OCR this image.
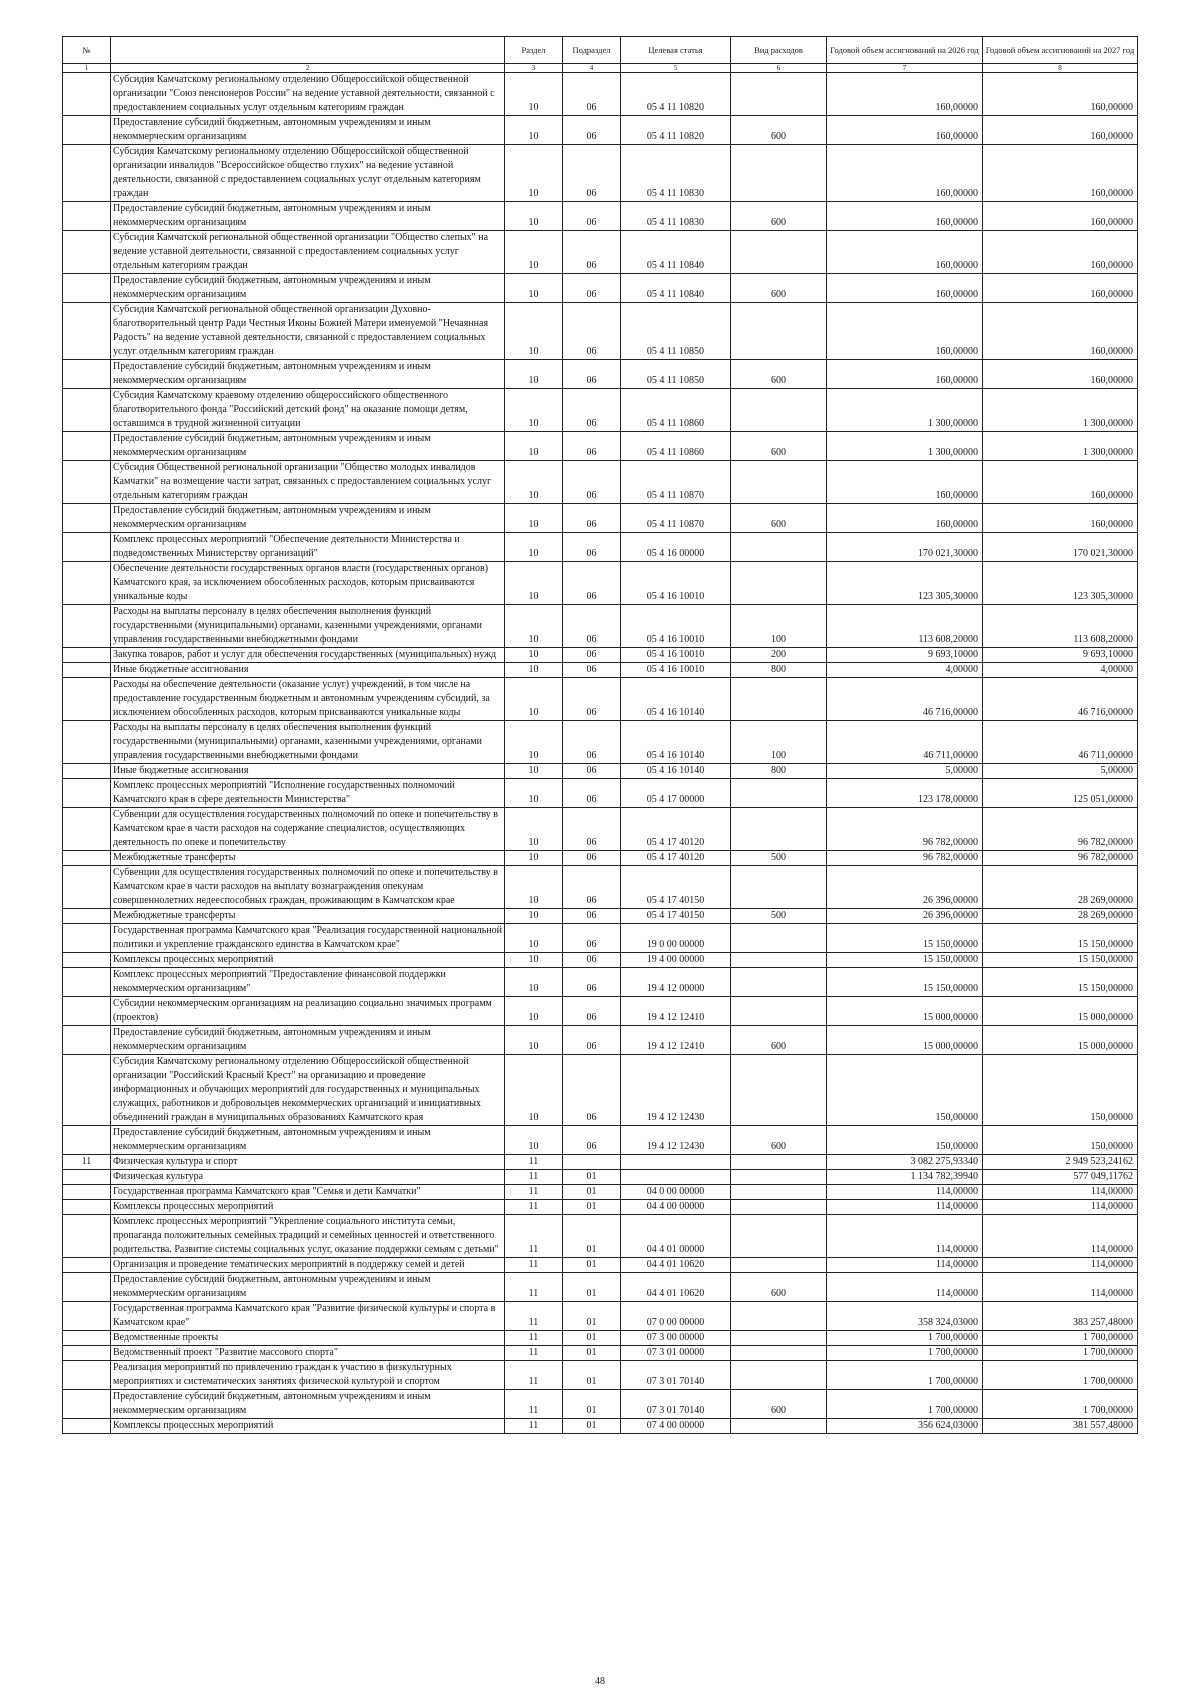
№		Раздел	Подраздел	Целевая статья	Вид расходов	Годовой объем ассигнований на 2026 год	Годовой объем ассигнований на 2027 год
1	2	3	4	5	6	7	8
	Субсидия Камчатскому региональному отделению Общероссийской общественной организации "Союз пенсионеров России" на ведение уставной деятельности, связанной с предоставлением социальных услуг отдельным категориям граждан	10	06	05 4 11 10820		160,00000	160,00000
	Предоставление субсидий бюджетным, автономным учреждениям и иным некоммерческим организациям	10	06	05 4 11 10820	600	160,00000	160,00000
	Субсидия Камчатскому региональному отделению Общероссийской общественной организации инвалидов "Всероссийское общество глухих" на ведение уставной деятельности, связанной с предоставлением социальных услуг отдельным категориям граждан	10	06	05 4 11 10830		160,00000	160,00000
	Предоставление субсидий бюджетным, автономным учреждениям и иным некоммерческим организациям	10	06	05 4 11 10830	600	160,00000	160,00000
	Субсидия Камчатской региональной общественной организации "Общество слепых" на ведение уставной деятельности, связанной с предоставлением социальных услуг отдельным категориям граждан	10	06	05 4 11 10840		160,00000	160,00000
	Предоставление субсидий бюджетным, автономным учреждениям и иным некоммерческим организациям	10	06	05 4 11 10840	600	160,00000	160,00000
	Субсидия Камчатской региональной общественной организации Духовно-благотворительный центр Ради Честныя Иконы Божией Матери именуемой "Нечаянная Радость" на ведение уставной деятельности, связанной с предоставлением социальных услуг отдельным категориям граждан	10	06	05 4 11 10850		160,00000	160,00000
	Предоставление субсидий бюджетным, автономным учреждениям и иным некоммерческим организациям	10	06	05 4 11 10850	600	160,00000	160,00000
	Субсидия Камчатскому краевому отделению общероссийского общественного благотворительного фонда "Российский детский фонд" на оказание помощи детям, оставшимся в трудной жизненной ситуации	10	06	05 4 11 10860		1 300,00000	1 300,00000
	Предоставление субсидий бюджетным, автономным учреждениям и иным некоммерческим организациям	10	06	05 4 11 10860	600	1 300,00000	1 300,00000
	Субсидия Общественной региональной организации "Общество молодых инвалидов Камчатки" на возмещение части затрат, связанных с предоставлением социальных услуг отдельным категориям граждан	10	06	05 4 11 10870		160,00000	160,00000
	Предоставление субсидий бюджетным, автономным учреждениям и иным некоммерческим организациям	10	06	05 4 11 10870	600	160,00000	160,00000
	Комплекс процессных мероприятий "Обеспечение деятельности Министерства и подведомственных Министерству организаций"	10	06	05 4 16 00000		170 021,30000	170 021,30000
	Обеспечение деятельности государственных органов власти (государственных органов) Камчатского края, за исключением обособленных расходов, которым присваиваются уникальные коды	10	06	05 4 16 10010		123 305,30000	123 305,30000
	Расходы на выплаты персоналу в целях обеспечения выполнения функций государственными (муниципальными) органами, казенными учреждениями, органами управления государственными внебюджетными фондами	10	06	05 4 16 10010	100	113 608,20000	113 608,20000
	Закупка товаров, работ и услуг для обеспечения государственных (муниципальных) нужд	10	06	05 4 16 10010	200	9 693,10000	9 693,10000
	Иные бюджетные ассигнования	10	06	05 4 16 10010	800	4,00000	4,00000
	Расходы на обеспечение деятельности (оказание услуг) учреждений, в том числе на предоставление государственным бюджетным и автономным учреждениям субсидий, за исключением обособленных расходов, которым присваиваются уникальные коды	10	06	05 4 16 10140		46 716,00000	46 716,00000
	Расходы на выплаты персоналу в целях обеспечения выполнения функций государственными (муниципальными) органами, казенными учреждениями, органами управления государственными внебюджетными фондами	10	06	05 4 16 10140	100	46 711,00000	46 711,00000
	Иные бюджетные ассигнования	10	06	05 4 16 10140	800	5,00000	5,00000
	Комплекс процессных мероприятий "Исполнение государственных полномочий Камчатского края в сфере деятельности Министерства"	10	06	05 4 17 00000		123 178,00000	125 051,00000
	Субвенции для осуществления государственных полномочий по опеке и попечительству в Камчатском крае в части расходов на содержание специалистов, осуществляющих деятельность по опеке и попечительству	10	06	05 4 17 40120		96 782,00000	96 782,00000
	Межбюджетные трансферты	10	06	05 4 17 40120	500	96 782,00000	96 782,00000
	Субвенции для осуществления государственных полномочий по опеке и попечительству в Камчатском крае в части расходов на выплату вознаграждения опекунам совершеннолетних недееспособных граждан, проживающим в Камчатском крае	10	06	05 4 17 40150		26 396,00000	28 269,00000
	Межбюджетные трансферты	10	06	05 4 17 40150	500	26 396,00000	28 269,00000
	Государственная программа Камчатского края "Реализация государственной национальной политики и укрепление гражданского единства в Камчатском крае"	10	06	19 0 00 00000		15 150,00000	15 150,00000
	Комплексы процессных мероприятий	10	06	19 4 00 00000		15 150,00000	15 150,00000
	Комплекс процессных мероприятий "Предоставление финансовой поддержки некоммерческим организациям"	10	06	19 4 12 00000		15 150,00000	15 150,00000
	Субсидии некоммерческим организациям на реализацию социально значимых программ (проектов)	10	06	19 4 12 12410		15 000,00000	15 000,00000
	Предоставление субсидий бюджетным, автономным учреждениям и иным некоммерческим организациям	10	06	19 4 12 12410	600	15 000,00000	15 000,00000
	Субсидия Камчатскому региональному отделению Общероссийской общественной организации "Российский Красный Крест" на организацию и проведение информационных и обучающих мероприятий для государственных и муниципальных служащих, работников и добровольцев некоммерческих организаций и инициативных объединений граждан в муниципальных образованиях Камчатского края	10	06	19 4 12 12430		150,00000	150,00000
	Предоставление субсидий бюджетным, автономным учреждениям и иным некоммерческим организациям	10	06	19 4 12 12430	600	150,00000	150,00000
11	Физическая культура и спорт	11				3 082 275,93340	2 949 523,24162
	Физическая культура	11	01			1 134 782,39940	577 049,11762
	Государственная программа Камчатского края "Семья и дети Камчатки"	11	01	04 0 00 00000		114,00000	114,00000
	Комплексы процессных мероприятий	11	01	04 4 00 00000		114,00000	114,00000
	Комплекс процессных мероприятий "Укрепление социального института семьи, пропаганда положительных семейных традиций и семейных ценностей и ответственного родительства. Развитие системы социальных услуг, оказание поддержки семьям с детьми"	11	01	04 4 01 00000		114,00000	114,00000
	Организация и проведение тематических мероприятий в поддержку семей и детей	11	01	04 4 01 10620		114,00000	114,00000
	Предоставление субсидий бюджетным, автономным учреждениям и иным некоммерческим организациям	11	01	04 4 01 10620	600	114,00000	114,00000
	Государственная программа Камчатского края "Развитие физической культуры и спорта в Камчатском крае"	11	01	07 0 00 00000		358 324,03000	383 257,48000
	Ведомственные проекты	11	01	07 3 00 00000		1 700,00000	1 700,00000
	Ведомственный проект "Развитие массового спорта"	11	01	07 3 01 00000		1 700,00000	1 700,00000
	Реализация мероприятий по привлечению граждан к участию в физкультурных мероприятиях и систематических занятиях физической культурой и спортом	11	01	07 3 01 70140		1 700,00000	1 700,00000
	Предоставление субсидий бюджетным, автономным учреждениям и иным некоммерческим организациям	11	01	07 3 01 70140	600	1 700,00000	1 700,00000
	Комплексы процессных мероприятий	11	01	07 4 00 00000		356 624,03000	381 557,48000
48
